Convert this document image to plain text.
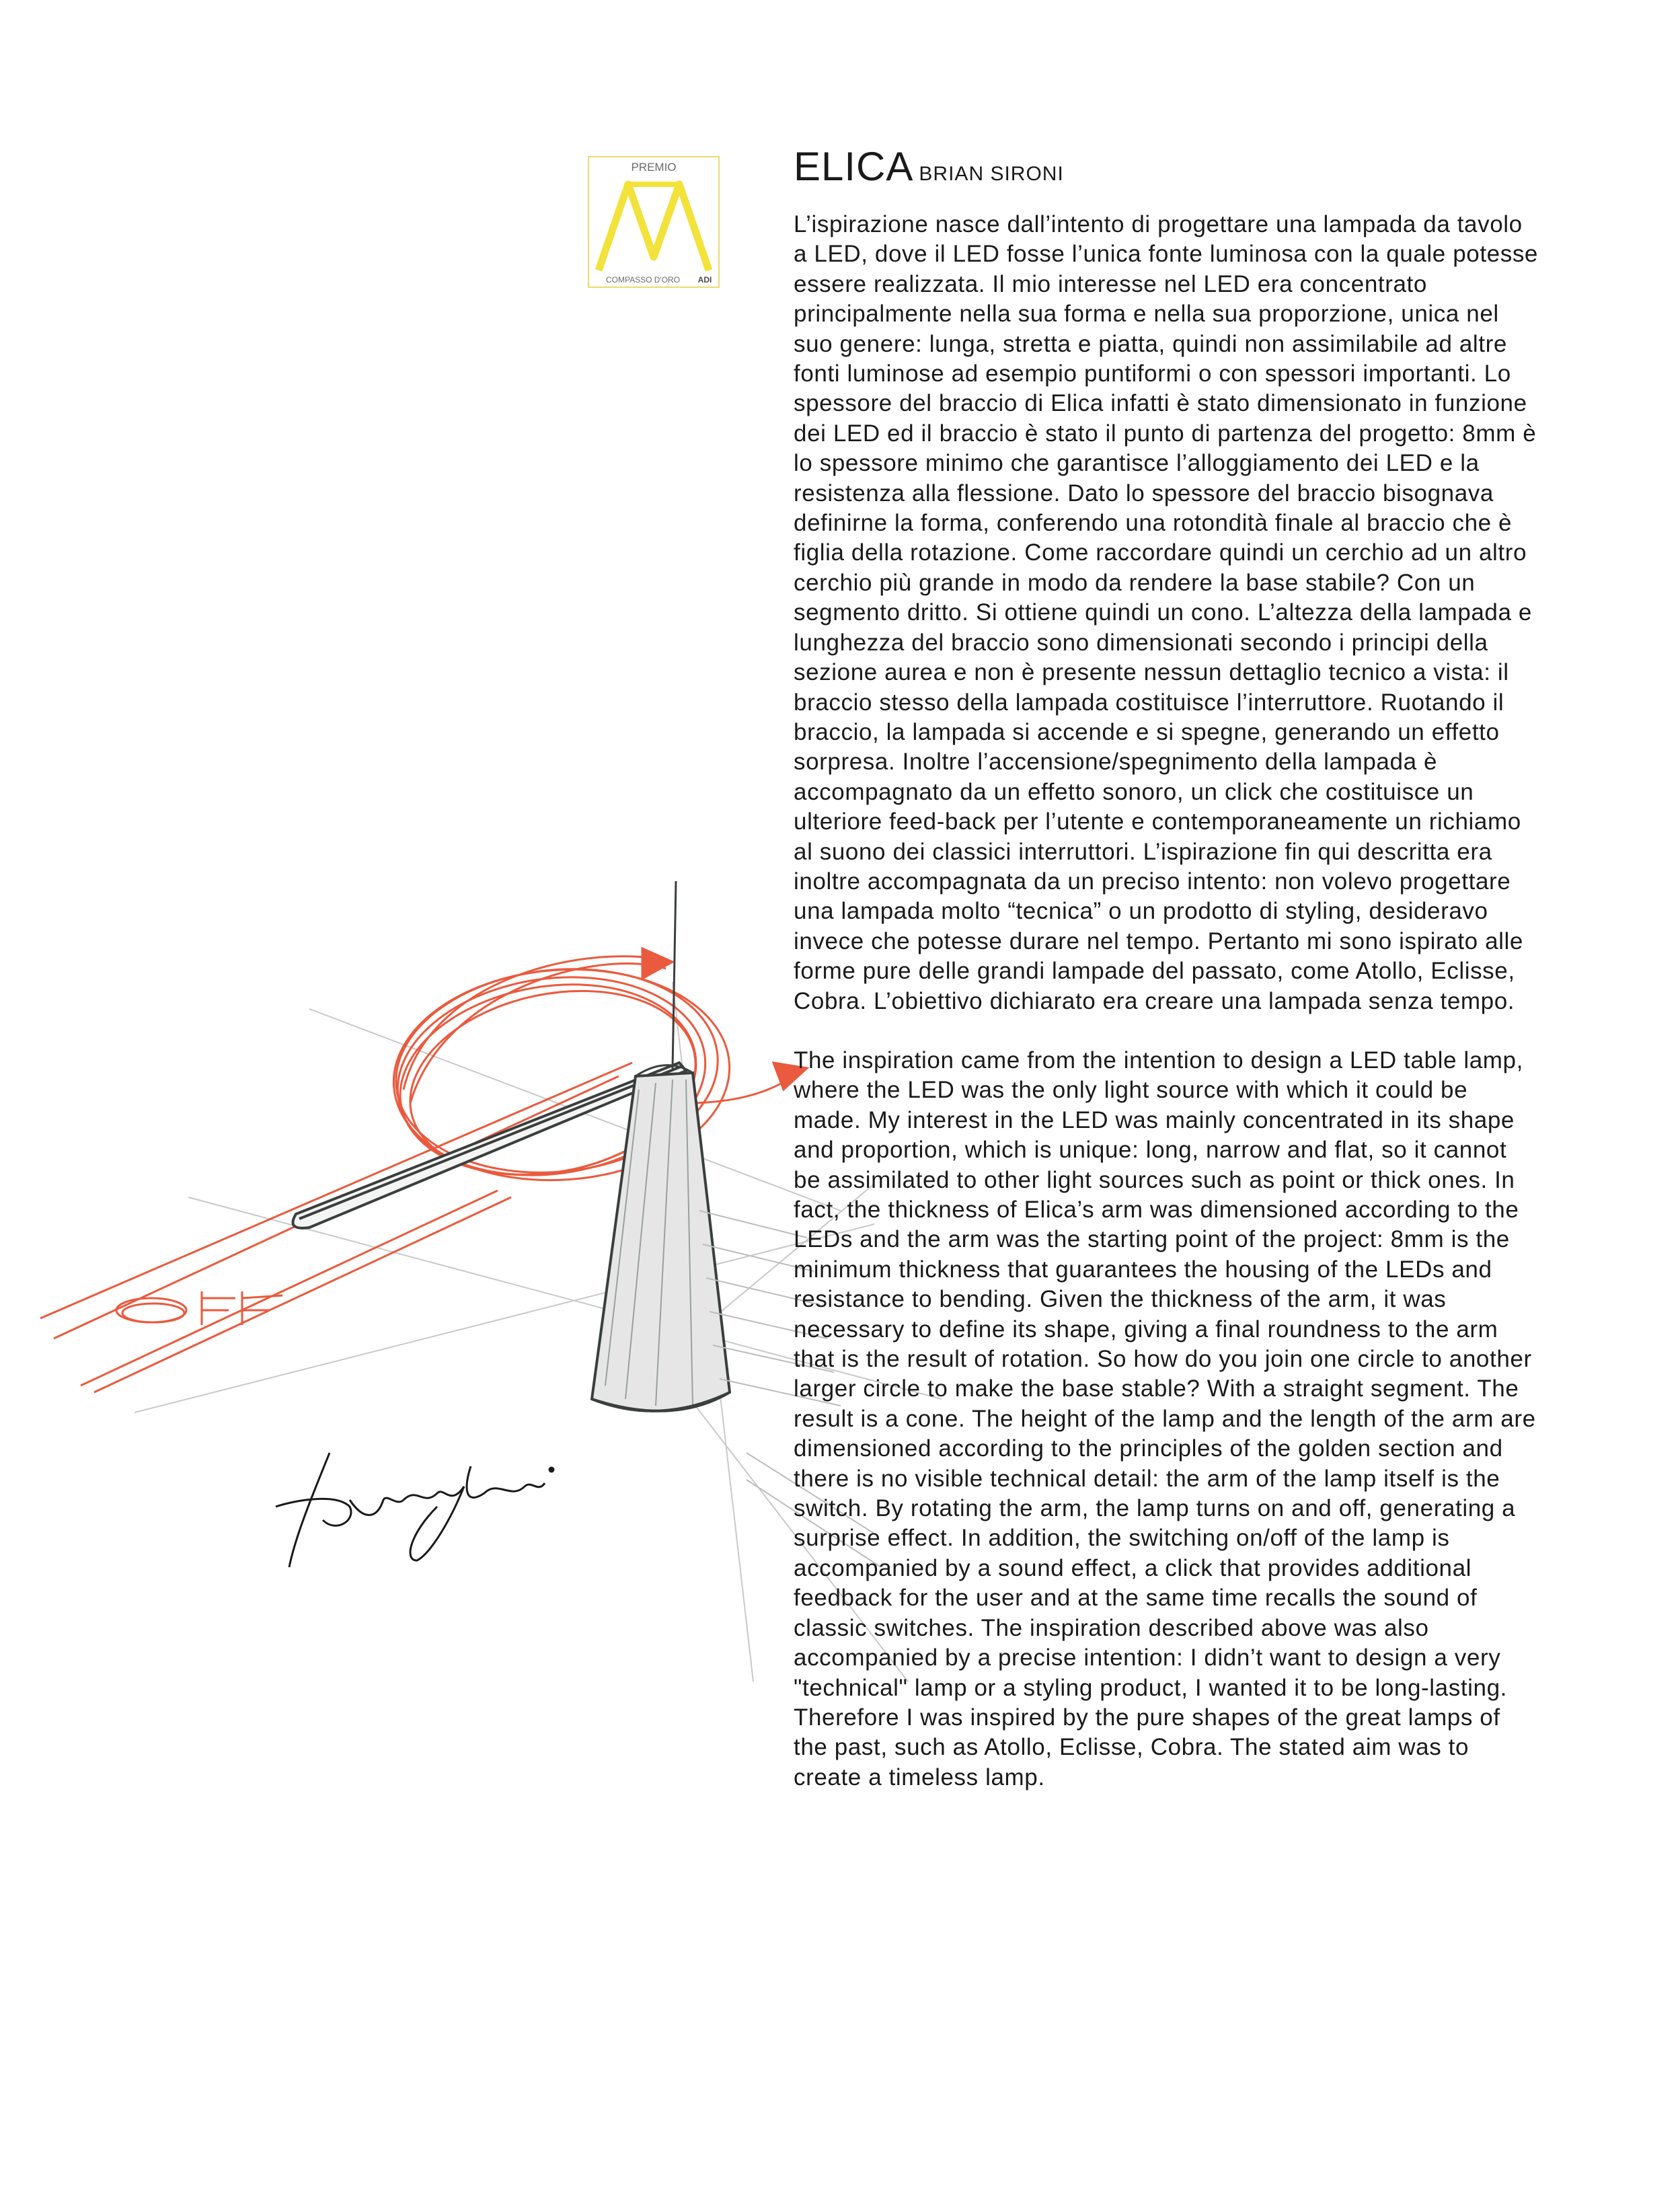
PREMIO
COMPASSO D'ORO ADI
ELICA BRIAN SIRONI

L’ispirazione nasce dall’intento di progettare una lampada da tavolo a LED, dove il LED fosse l’unica fonte luminosa con la quale potesse essere realizzata. Il mio interesse nel LED era concentrato principalmente nella sua forma e nella sua proporzione, unica nel suo genere: lunga, stretta e piatta, quindi non assimilabile ad altre fonti luminose ad esempio puntiformi o con spessori importanti. Lo spessore del braccio di Elica infatti è stato dimensionato in funzione dei LED ed il braccio è stato il punto di partenza del progetto: 8mm è lo spessore minimo che garantisce l’alloggiamento dei LED e la resistenza alla flessione. Dato lo spessore del braccio bisognava definirne la forma, conferendo una rotondità finale al braccio che è figlia della rotazione. Come raccordare quindi un cerchio ad un altro cerchio più grande in modo da rendere la base stabile? Con un segmento dritto. Si ottiene quindi un cono. L’altezza della lampada e lunghezza del braccio sono dimensionati secondo i principi della sezione aurea e non è presente nessun dettaglio tecnico a vista: il braccio stesso della lampada costituisce l’interruttore. Ruotando il braccio, la lampada si accende e si spegne, generando un effetto sorpresa. Inoltre l’accensione/spegnimento della lampada è accompagnato da un effetto sonoro, un click che costituisce un ulteriore feed-back per l’utente e contemporaneamente un richiamo al suono dei classici interruttori. L’ispirazione fin qui descritta era inoltre accompagnata da un preciso intento: non volevo progettare una lampada molto “tecnica” o un prodotto di styling, desideravo invece che potesse durare nel tempo. Pertanto mi sono ispirato alle forme pure delle grandi lampade del passato, come Atollo, Eclisse, Cobra. L’obiettivo dichiarato era creare una lampada senza tempo.

The inspiration came from the intention to design a LED table lamp, where the LED was the only light source with which it could be made. My interest in the LED was mainly concentrated in its shape and proportion, which is unique: long, narrow and flat, so it cannot be assimilated to other light sources such as point or thick ones. In fact, the thickness of Elica’s arm was dimensioned according to the LEDs and the arm was the starting point of the project: 8mm is the minimum thickness that guarantees the housing of the LEDs and resistance to bending. Given the thickness of the arm, it was necessary to define its shape, giving a final roundness to the arm that is the result of rotation. So how do you join one circle to another larger circle to make the base stable? With a straight segment. The result is a cone. The height of the lamp and the length of the arm are dimensioned according to the principles of the golden section and there is no visible technical detail: the arm of the lamp itself is the switch. By rotating the arm, the lamp turns on and off, generating a surprise effect. In addition, the switching on/off of the lamp is accompanied by a sound effect, a click that provides additional feedback for the user and at the same time recalls the sound of classic switches. The inspiration described above was also accompanied by a precise intention: I didn’t want to design a very "technical" lamp or a styling product, I wanted it to be long-lasting. Therefore I was inspired by the pure shapes of the great lamps of the past, such as Atollo, Eclisse, Cobra. The stated aim was to create a timeless lamp.
